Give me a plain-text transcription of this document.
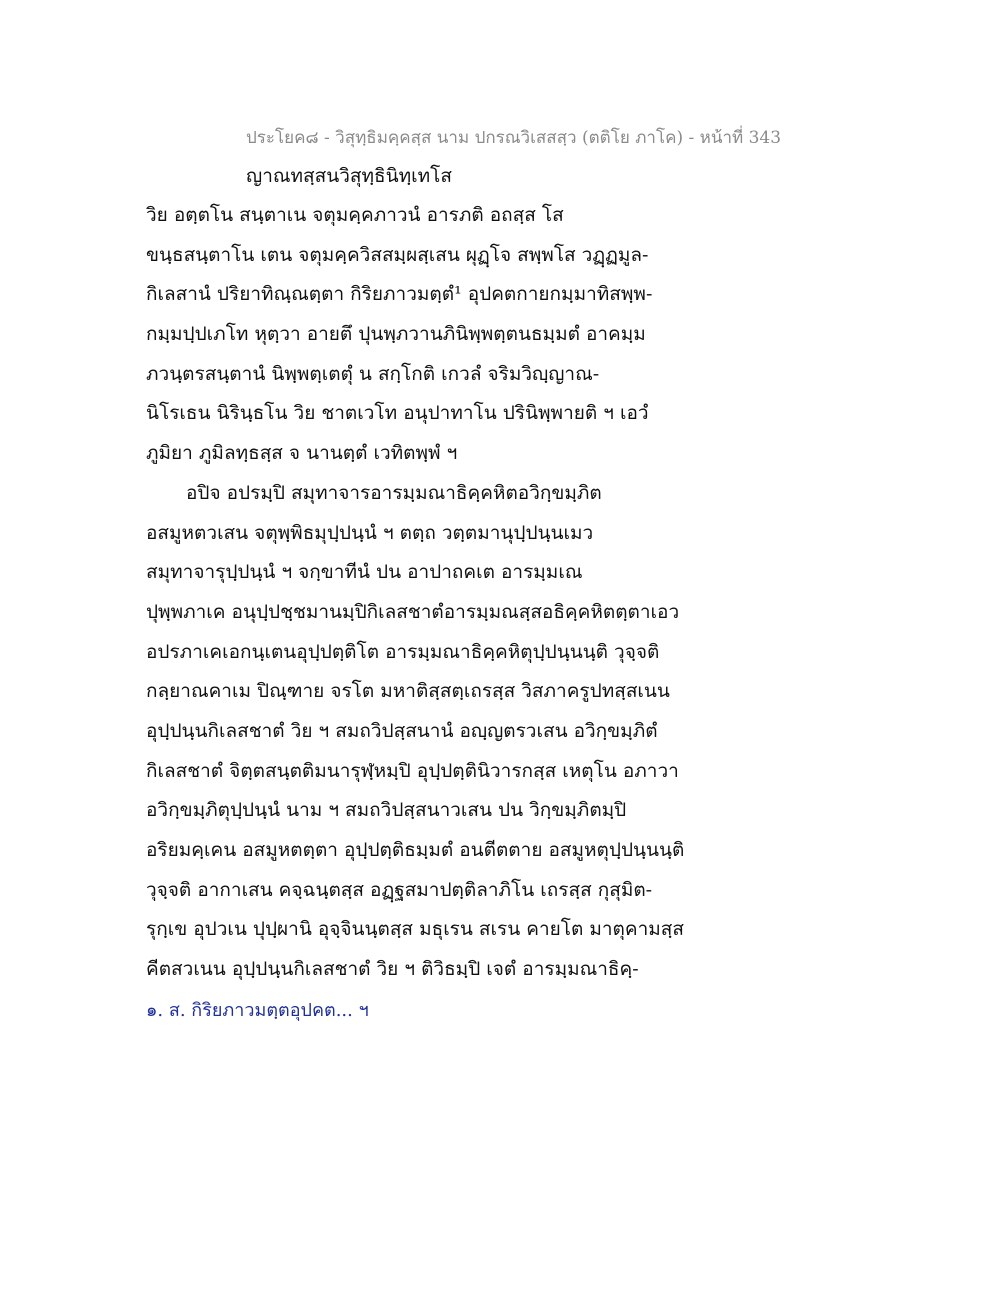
ประโยค๘ - วิสุทฺธิมคฺคสฺส นาม ปกรณวิเสสสฺว (ตติโย ภาโค) - หน้าที่ 343
ญาณทสฺสนวิสุทฺธินิทฺเทโส
วิย อตฺตโน สนฺตาเน จตุมคฺคภาวนํ อารภติ อถสฺส โส
ขนฺธสนฺตาโน เตน จตุมคฺควิสสมฺผสฺเสน ผุฏฺโจ สพฺพโส วฏฺฏมูล-
กิเลสานํ ปริยาทิณฺณตฺตา กิริยภาวมตฺตํ¹ อุปคตกายกมฺมาทิสพฺพ-
กมฺมปฺปเภโท หุตฺวา อายตึ ปุนพฺภวานภินิพฺพตฺตนธมฺมตํ อาคมฺม
ภวนฺตรสนฺตานํ นิพฺพตฺเตตุํ น สกฺโกติ เกวลํ จริมวิญฺญาณ-
นิโรเธน นิรินฺธโน วิย ชาตเวโท อนุปาทาโน ปรินิพฺพายติ ฯ เอวํ
ภูมิยา ภูมิลทฺธสฺส จ นานตฺตํ เวทิตพฺพํ ฯ
อปิจ อปรมฺปิ สมุทาจารอารมฺมณาธิคฺคหิตอวิกฺขมฺภิต
อสมูหตวเสน จตุพฺพิธมุปฺปนฺนํ ฯ ตตฺถ วตฺตมานุปฺปนฺนเมว
สมุทาจารุปฺปนฺนํ ฯ จกฺขาทีนํ ปน อาปาถคเต อารมฺมเณ
ปุพฺพภาเค อนุปฺปชฺชมานมฺปิกิเลสชาตํอารมฺมณสฺสอธิคฺคหิตตฺตาเอว
อปรภาเคเอกนฺเตนอุปฺปตฺติโต อารมฺมณาธิคฺคหิตุปฺปนฺนนฺติ วุจฺจติ
กลฺยาณคาเม ปิณฺฑาย จรโต มหาติสฺสตฺเถรสฺส วิสภาครูปทสฺสเนน
อุปฺปนฺนกิเลสชาตํ วิย ฯ สมถวิปสฺสนานํ อญฺญตรวเสน อวิกฺขมฺภิตํ
กิเลสชาตํ จิตฺตสนฺตติมนารุฬฺหมฺปิ อุปฺปตฺตินิวารกสฺส เหตุโน อภาวา
อวิกฺขมฺภิตุปฺปนฺนํ นาม ฯ สมถวิปสฺสนาวเสน ปน วิกฺขมฺภิตมฺปิ
อริยมคฺเคน อสมูหตตฺตา อุปฺปตฺติธมฺมตํ อนตีตตาย อสมูหตุปฺปนฺนนฺติ
วุจฺจติ อากาเสน คจฺฉนฺตสฺส อฏฺฐสมาปตฺติลาภิโน เถรสฺส กุสุมิต-
รุกฺเข อุปวเน ปุปฺผานิ อุจฺจินนฺตสฺส มธุเรน สเรน คายโต มาตุคามสฺส
คีตสวเนน อุปฺปนฺนกิเลสชาตํ วิย ฯ ติวิธมฺปิ เจตํ อารมฺมณาธิคฺ-
๑. ส. กิริยภาวมตฺตอุปคต... ฯ
